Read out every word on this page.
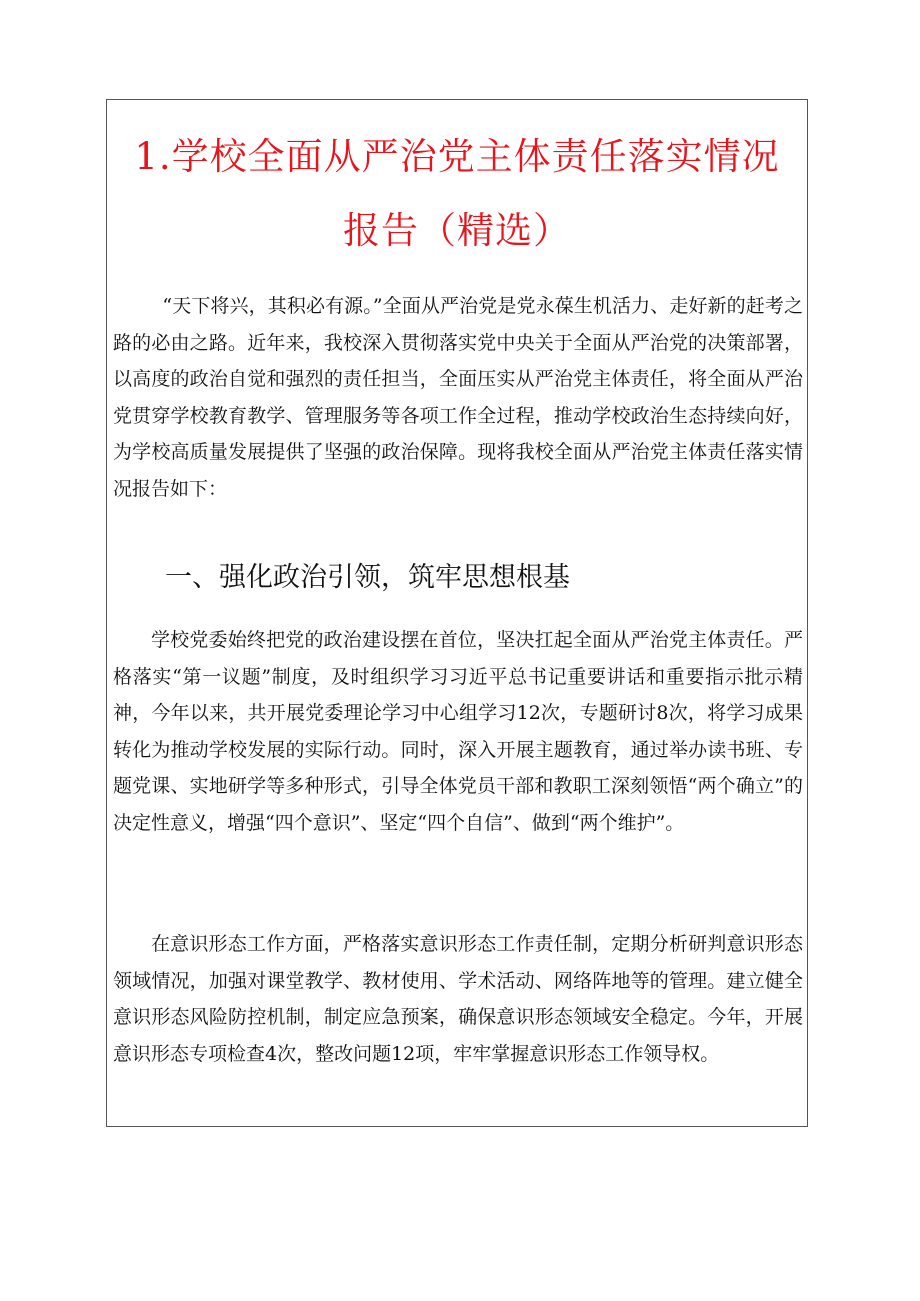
1.学校全面从严治党主体责任落实情况
报告（精选）

“天下将兴，其积必有源。”全面从严治党是党永葆生机活力、走好新的赶考之路的必由之路。近年来，我校深入贯彻落实党中央关于全面从严治党的决策部署，以高度的政治自觉和强烈的责任担当，全面压实从严治党主体责任，将全面从严治党贯穿学校教育教学、管理服务等各项工作全过程，推动学校政治生态持续向好，为学校高质量发展提供了坚强的政治保障。现将我校全面从严治党主体责任落实情况报告如下：

一、强化政治引领，筑牢思想根基

学校党委始终把党的政治建设摆在首位，坚决扛起全面从严治党主体责任。严格落实“第一议题”制度，及时组织学习习近平总书记重要讲话和重要指示批示精神，今年以来，共开展党委理论学习中心组学习12次，专题研讨8次，将学习成果转化为推动学校发展的实际行动。同时，深入开展主题教育，通过举办读书班、专题党课、实地研学等多种形式，引导全体党员干部和教职工深刻领悟“两个确立”的决定性意义，增强“四个意识”、坚定“四个自信”、做到“两个维护”。

在意识形态工作方面，严格落实意识形态工作责任制，定期分析研判意识形态领域情况，加强对课堂教学、教材使用、学术活动、网络阵地等的管理。建立健全意识形态风险防控机制，制定应急预案，确保意识形态领域安全稳定。今年，开展意识形态专项检查4次，整改问题12项，牢牢掌握意识形态工作领导权。
